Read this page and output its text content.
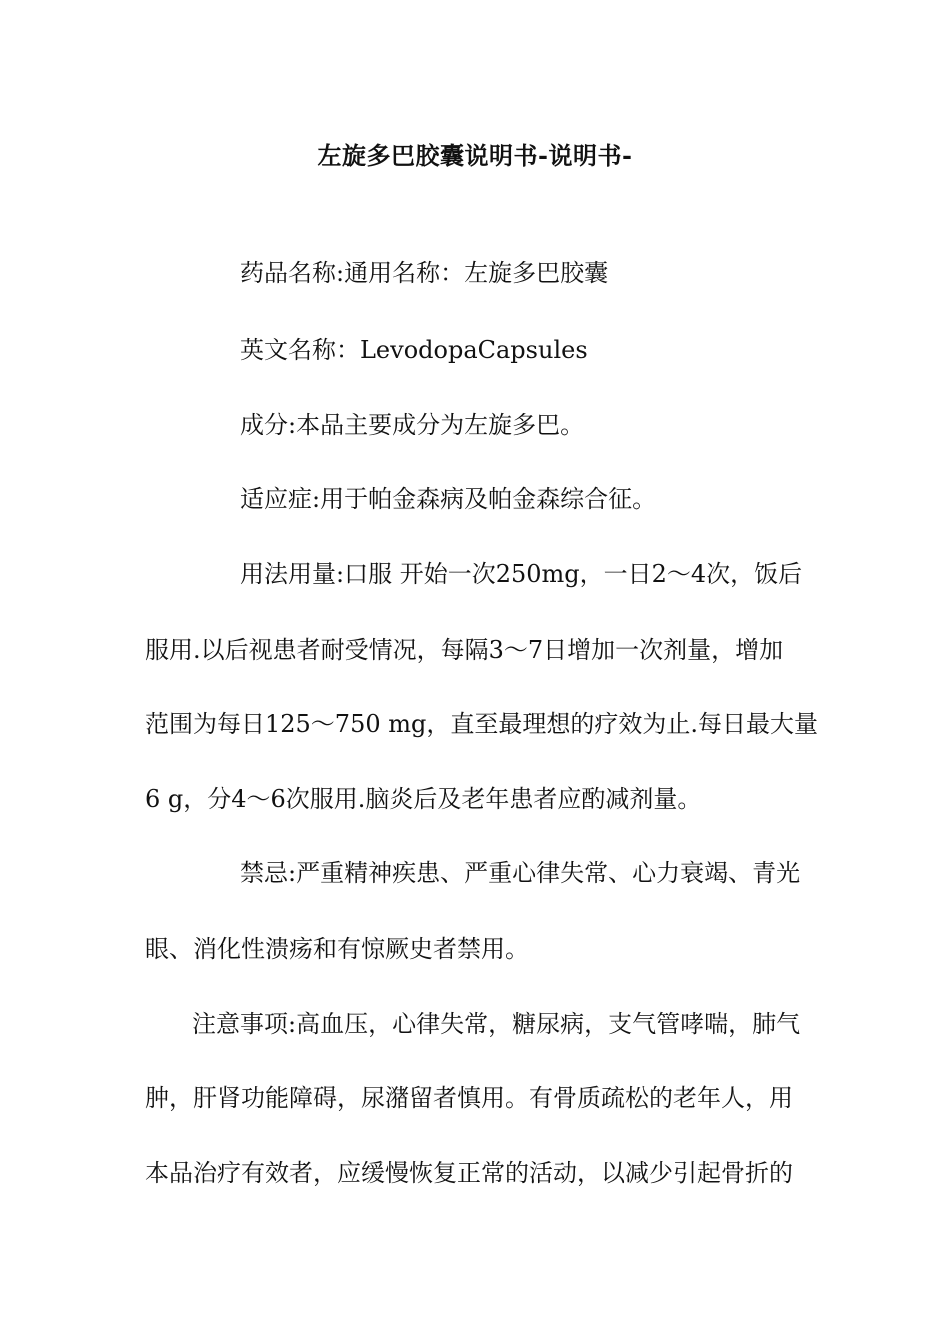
左旋多巴胶囊说明书-说明书-
药品名称:通用名称：左旋多巴胶囊
英文名称：LevodopaCapsules
成分:本品主要成分为左旋多巴。
适应症:用于帕金森病及帕金森综合征。
用法用量:口服 开始一次250mg，一日2～4次，饭后
服用.以后视患者耐受情况，每隔3～7日增加一次剂量，增加
范围为每日125～750 mg，直至最理想的疗效为止.每日最大量
6 g，分4～6次服用.脑炎后及老年患者应酌减剂量。
禁忌:严重精神疾患、严重心律失常、心力衰竭、青光
眼、消化性溃疡和有惊厥史者禁用。
注意事项:高血压，心律失常，糖尿病，支气管哮喘，肺气
肿，肝肾功能障碍，尿潴留者慎用。有骨质疏松的老年人，用
本品治疗有效者，应缓慢恢复正常的活动，以减少引起骨折的
